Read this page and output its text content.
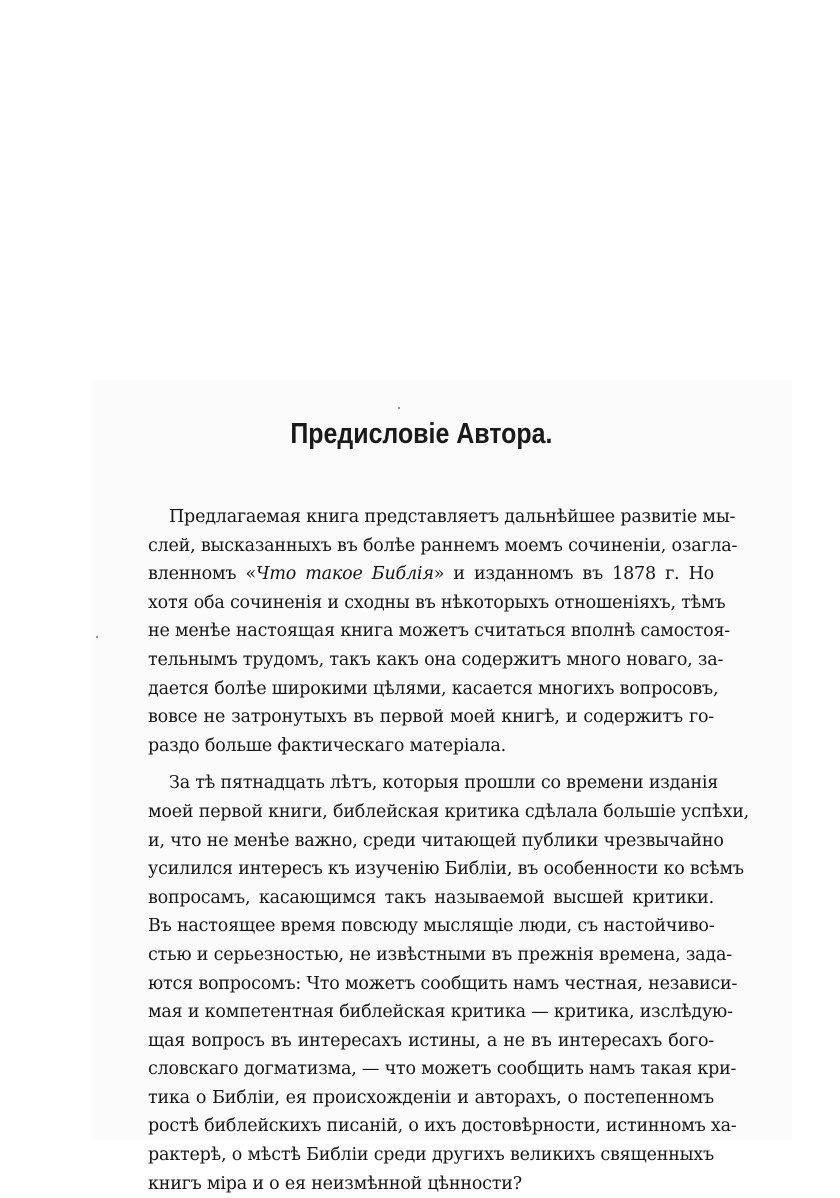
Предисловіе Автора.
Предлагаемая книга представляетъ дальнѣйшее развитіе мы-
слей, высказанныхъ въ болѣе раннемъ моемъ сочиненіи, озагла-
вленномъ «Что такое Библія» и изданномъ въ 1878 г. Но
хотя оба сочиненія и сходны въ нѣкоторыхъ отношеніяхъ, тѣмъ
не менѣе настоящая книга можетъ считаться вполнѣ самостоя-
тельнымъ трудомъ, такъ какъ она содержитъ много новаго, за-
дается болѣе широкими цѣлями, касается многихъ вопросовъ,
вовсе не затронутыхъ въ первой моей книгѣ, и содержитъ го-
раздо больше фактическаго матеріала.
За тѣ пятнадцать лѣтъ, которыя прошли со времени изданія
моей первой книги, библейская критика сдѣлала большіе успѣхи,
и, что не менѣе важно, среди читающей публики чрезвычайно
усилился интересъ къ изученію Библіи, въ особенности ко всѣмъ
вопросамъ, касающимся такъ называемой высшей критики.
Въ настоящее время повсюду мыслящіе люди, съ настойчиво-
стью и серьезностью, не извѣстными въ прежнія времена, зада-
ются вопросомъ: Что можетъ сообщить намъ честная, независи-
мая и компетентная библейская критика — критика, изслѣдую-
щая вопросъ въ интересахъ истины, а не въ интересахъ бого-
словскаго догматизма, — что можетъ сообщить намъ такая кри-
тика о Библіи, ея происхожденіи и авторахъ, о постепенномъ
ростѣ библейскихъ писаній, о ихъ достовѣрности, истинномъ ха-
рактерѣ, о мѣстѣ Библіи среди другихъ великихъ священныхъ
книгъ міра и о ея неизмѣнной цѣнности?
